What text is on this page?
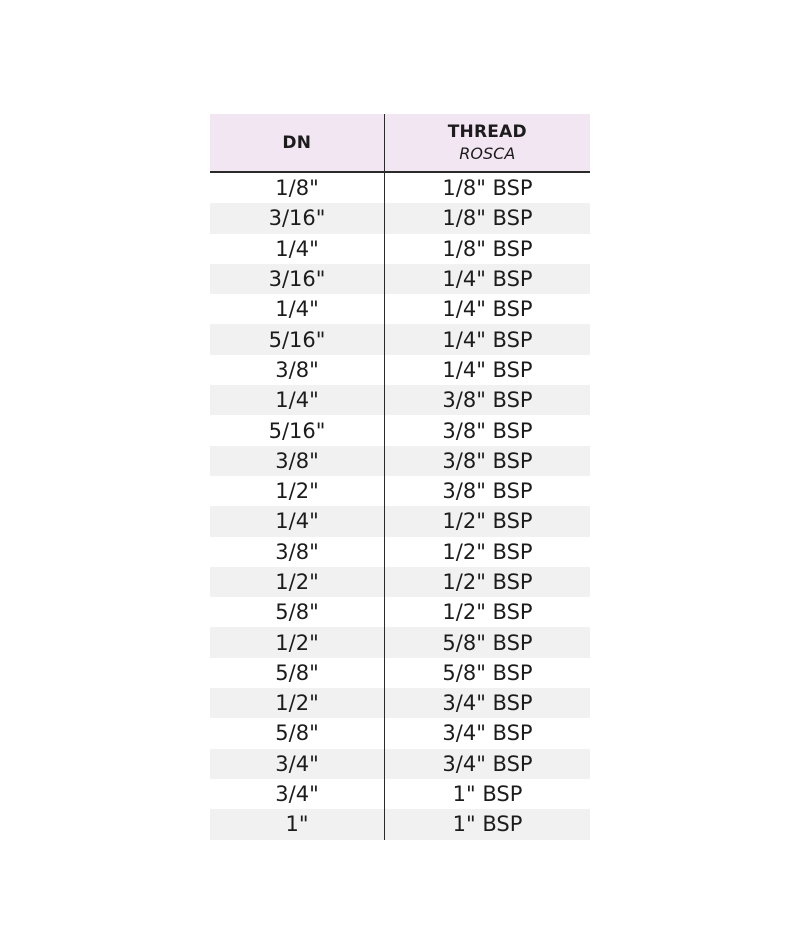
DN
THREAD
ROSCA
1/8"	1/8" BSP
3/16"	1/8" BSP
1/4"	1/8" BSP
3/16"	1/4" BSP
1/4"	1/4" BSP
5/16"	1/4" BSP
3/8"	1/4" BSP
1/4"	3/8" BSP
5/16"	3/8" BSP
3/8"	3/8" BSP
1/2"	3/8" BSP
1/4"	1/2" BSP
3/8"	1/2" BSP
1/2"	1/2" BSP
5/8"	1/2" BSP
1/2"	5/8" BSP
5/8"	5/8" BSP
1/2"	3/4" BSP
5/8"	3/4" BSP
3/4"	3/4" BSP
3/4"	1" BSP
1"	1" BSP
